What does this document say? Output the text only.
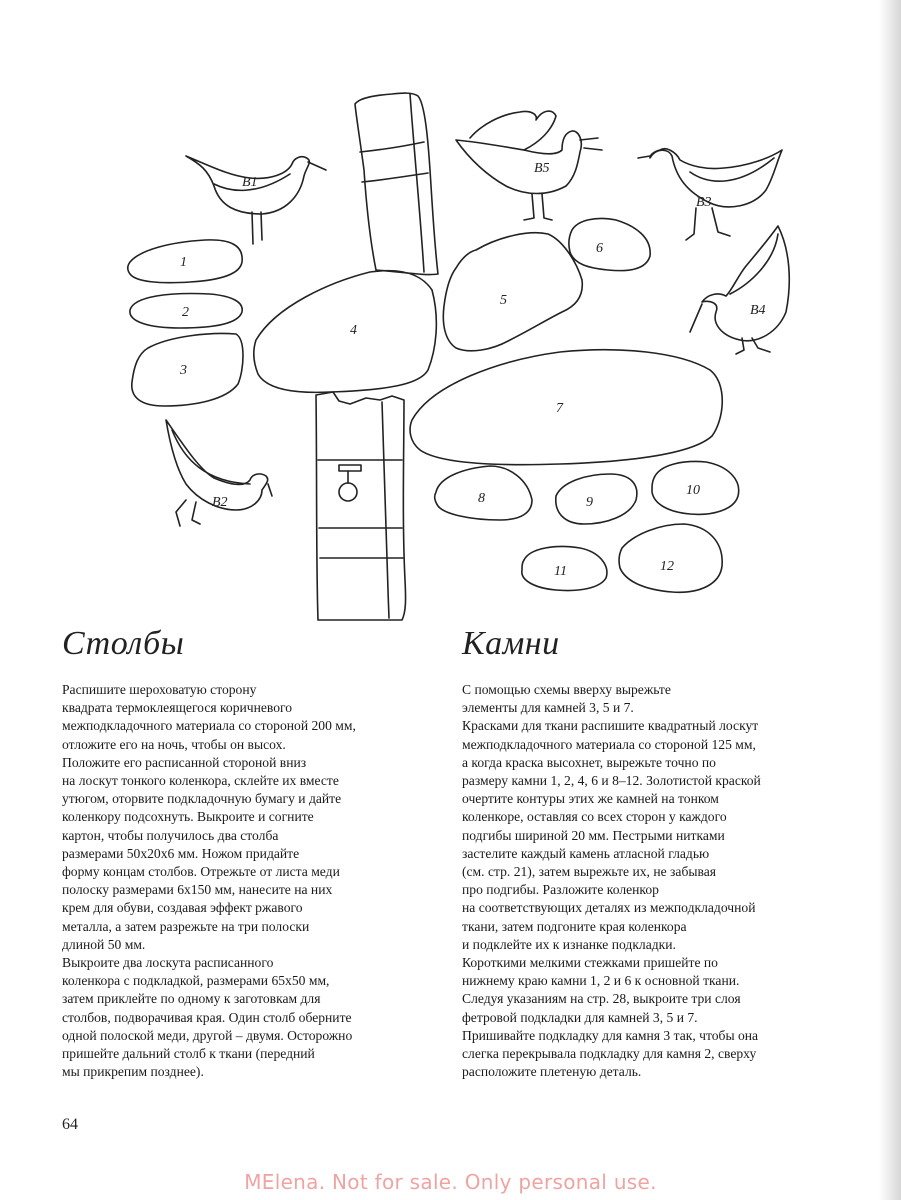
B1
B5
B3
B4
B2
1
2
3
4
5
6
7
8	9
10
11	12
Столбы	Камни
Распишите шероховатую сторону
квадрата термоклеящегося коричневого
межподкладочного материала со стороной 200 мм,
отложите его на ночь, чтобы он высох.
Положите его расписанной стороной вниз
на лоскут тонкого коленкора, склейте их вместе
утюгом, оторвите подкладочную бумагу и дайте
коленкору подсохнуть. Выкроите и согните
картон, чтобы получилось два столба
размерами 50х20х6 мм. Ножом придайте
форму концам столбов. Отрежьте от листа меди
полоску размерами 6х150 мм, нанесите на них
крем для обуви, создавая эффект ржавого
металла, а затем разрежьте на три полоски
длиной 50 мм.
Выкроите два лоскута расписанного
коленкора с подкладкой, размерами 65х50 мм,
затем приклейте по одному к заготовкам для
столбов, подворачивая края. Один столб оберните
одной полоской меди, другой – двумя. Осторожно
пришейте дальний столб к ткани (передний
мы прикрепим позднее).
С помощью схемы вверху вырежьте
элементы для камней 3, 5 и 7.
Красками для ткани распишите квадратный лоскут
межподкладочного материала со стороной 125 мм,
а когда краска высохнет, вырежьте точно по
размеру камни 1, 2, 4, 6 и 8–12. Золотистой краской
очертите контуры этих же камней на тонком
коленкоре, оставляя со всех сторон у каждого
подгибы шириной 20 мм. Пестрыми нитками
застелите каждый камень атласной гладью
(см. стр. 21), затем вырежьте их, не забывая
про подгибы. Разложите коленкор
на соответствующих деталях из межподкладочной
ткани, затем подгоните края коленкора
и подклейте их к изнанке подкладки.
Короткими мелкими стежками пришейте по
нижнему краю камни 1, 2 и 6 к основной ткани.
Следуя указаниям на стр. 28, выкроите три слоя
фетровой подкладки для камней 3, 5 и 7.
Пришивайте подкладку для камня 3 так, чтобы она
слегка перекрывала подкладку для камня 2, сверху
расположите плетеную деталь.
64
MElena. Not for sale. Only personal use.
